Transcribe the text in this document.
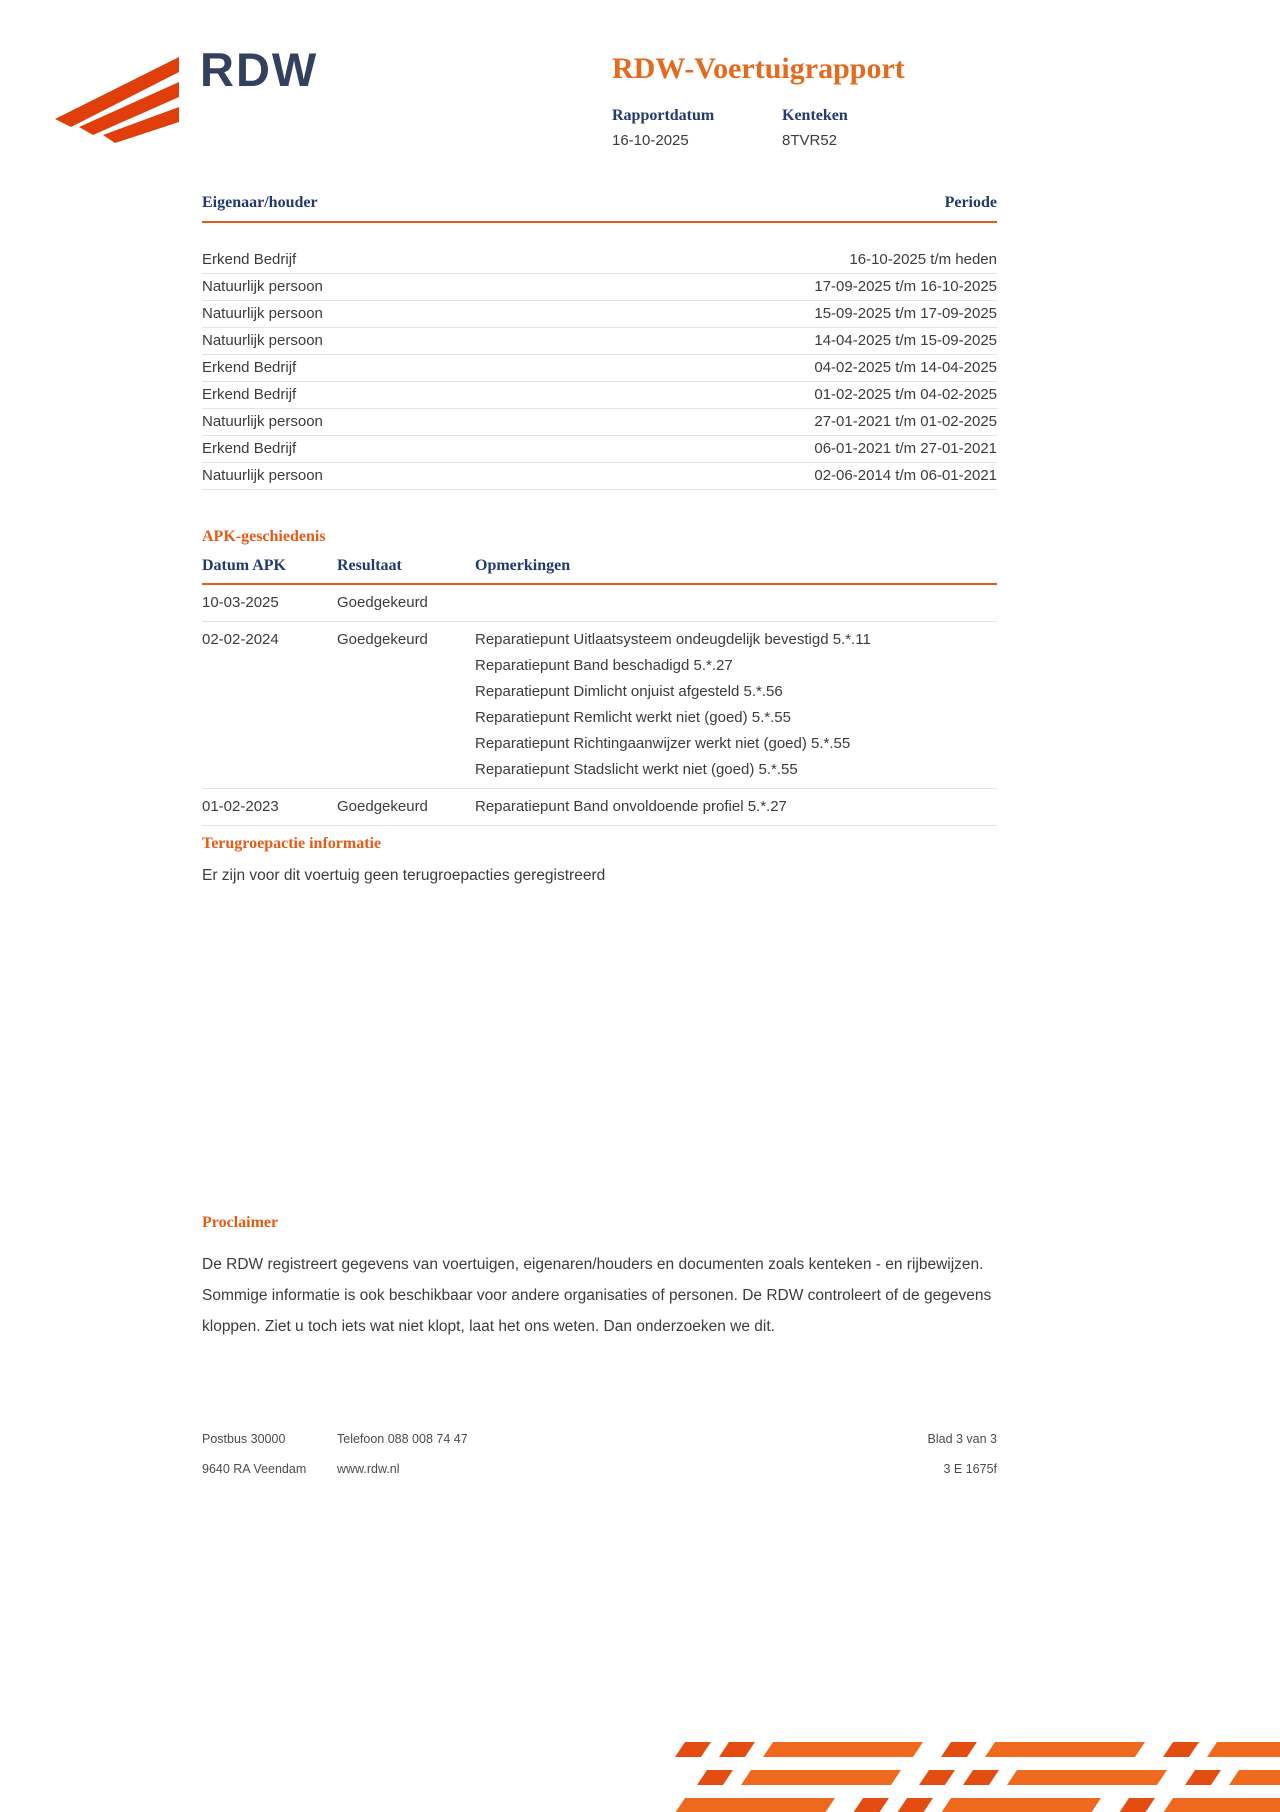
RDW	RDW-Voertuigrapport
Rapportdatum
16-10-2025
Kenteken
8TVR52
Eigenaar/houder	Periode
Erkend Bedrijf	16-10-2025 t/m heden
Natuurlijk persoon	17-09-2025 t/m 16-10-2025
Natuurlijk persoon	15-09-2025 t/m 17-09-2025
Natuurlijk persoon	14-04-2025 t/m 15-09-2025
Erkend Bedrijf	04-02-2025 t/m 14-04-2025
Erkend Bedrijf	01-02-2025 t/m 04-02-2025
Natuurlijk persoon	27-01-2021 t/m 01-02-2025
Erkend Bedrijf	06-01-2021 t/m 27-01-2021
Natuurlijk persoon	02-06-2014 t/m 06-01-2021
APK-geschiedenis
Datum APK	Resultaat	Opmerkingen
10-03-2025	Goedgekeurd
02-02-2024	Goedgekeurd	Reparatiepunt Uitlaatsysteem ondeugdelijk bevestigd 5.*.11
Reparatiepunt Band beschadigd 5.*.27
Reparatiepunt Dimlicht onjuist afgesteld 5.*.56
Reparatiepunt Remlicht werkt niet (goed) 5.*.55
Reparatiepunt Richtingaanwijzer werkt niet (goed) 5.*.55
Reparatiepunt Stadslicht werkt niet (goed) 5.*.55
01-02-2023	Goedgekeurd	Reparatiepunt Band onvoldoende profiel 5.*.27
Terugroepactie informatie
Er zijn voor dit voertuig geen terugroepacties geregistreerd
Proclaimer
De RDW registreert gegevens van voertuigen, eigenaren/houders en documenten zoals kenteken - en rijbewijzen. Sommige informatie is ook beschikbaar voor andere organisaties of personen. De RDW controleert of de gegevens kloppen. Ziet u toch iets wat niet klopt, laat het ons weten. Dan onderzoeken we dit.
Postbus 30000	Telefoon 088 008 74 47	Blad 3 van 3
9640 RA Veendam	www.rdw.nl	3 E 1675f
